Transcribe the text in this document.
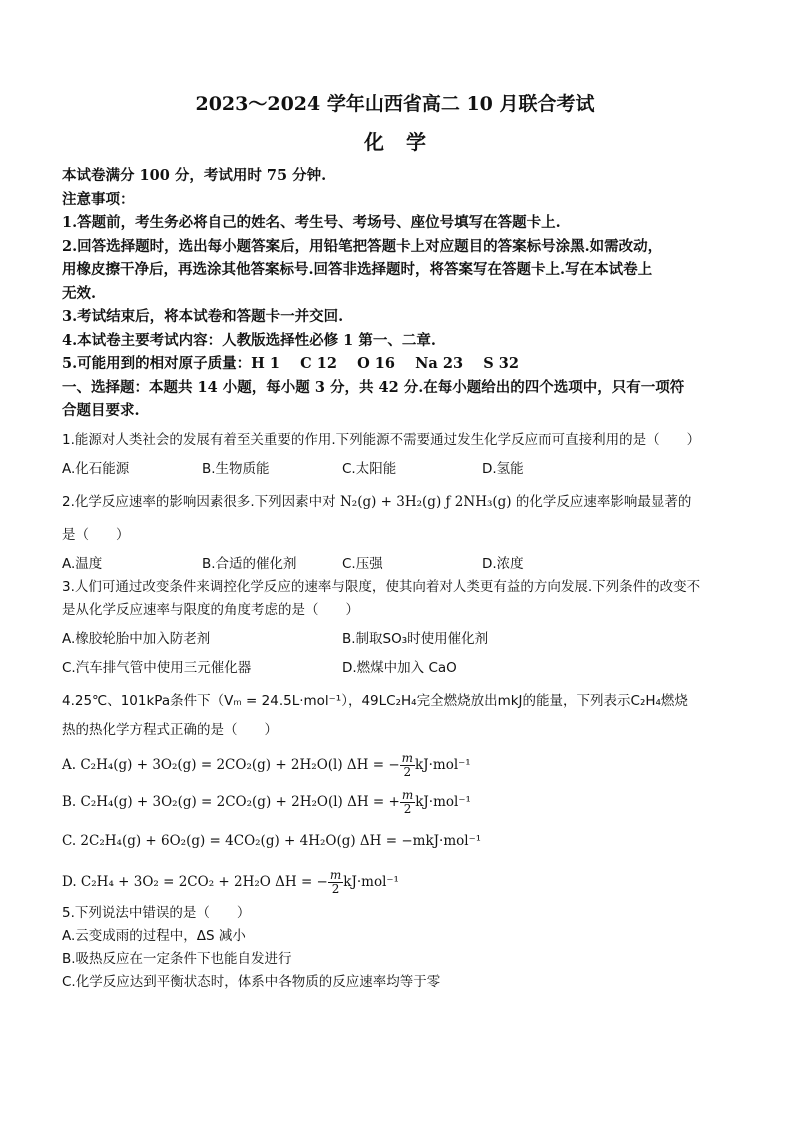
2023～2024 学年山西省高二 10 月联合考试
化学
本试卷满分 100 分，考试用时 75 分钟.
注意事项：
1.答题前，考生务必将自己的姓名、考生号、考场号、座位号填写在答题卡上.
2.回答选择题时，选出每小题答案后，用铅笔把答题卡上对应题目的答案标号涂黑.如需改动，
用橡皮擦干净后，再选涂其他答案标号.回答非选择题时，将答案写在答题卡上.写在本试卷上
无效.
3.考试结束后，将本试卷和答题卡一并交回.
4.本试卷主要考试内容：人教版选择性必修 1 第一、二章.
5.可能用到的相对原子质量：H 1    C 12    O 16    Na 23    S 32
一、选择题：本题共 14 小题，每小题 3 分，共 42 分.在每小题给出的四个选项中，只有一项符
合题目要求.
1.能源对人类社会的发展有着至关重要的作用.下列能源不需要通过发生化学反应而可直接利用的是（　　）
A.化石能源	B.生物质能	C.太阳能	D.氢能
2.化学反应速率的影响因素很多.下列因素中对 N₂(g) + 3H₂(g) ƒ 2NH₃(g) 的化学反应速率影响最显著的
是（　　）
A.温度	B.合适的催化剂	C.压强	D.浓度
3.人们可通过改变条件来调控化学反应的速率与限度，使其向着对人类更有益的方向发展.下列条件的改变不
是从化学反应速率与限度的角度考虑的是（　　）
A.橡胶轮胎中加入防老剂	B.制取SO₃时使用催化剂
C.汽车排气管中使用三元催化器	D.燃煤中加入 CaO
4.25℃、101kPa条件下（Vₘ = 24.5L·mol⁻¹），49LC₂H₄完全燃烧放出mkJ的能量，下列表示C₂H₄燃烧
热的热化学方程式正确的是（　　）
A. C₂H₄(g) + 3O₂(g) = 2CO₂(g) + 2H₂O(l) ΔH = − $\frac{m}{2} kJ\cdot mol^{-1}$
B. C₂H₄(g) + 3O₂(g) = 2CO₂(g) + 2H₂O(l) ΔH = + $\frac{m}{2} kJ\cdot mol^{-1}$
C. 2C₂H₄(g) + 6O₂(g) = 4CO₂(g) + 4H₂O(g) ΔH = −mkJ·mol⁻¹
D. C₂H₄ + 3O₂ = 2CO₂ + 2H₂O ΔH = − $\frac{m}{2} kJ\cdot mol^{-1}$
5.下列说法中错误的是（　　）
A.云变成雨的过程中，ΔS 减小
B.吸热反应在一定条件下也能自发进行
C.化学反应达到平衡状态时，体系中各物质的反应速率均等于零
